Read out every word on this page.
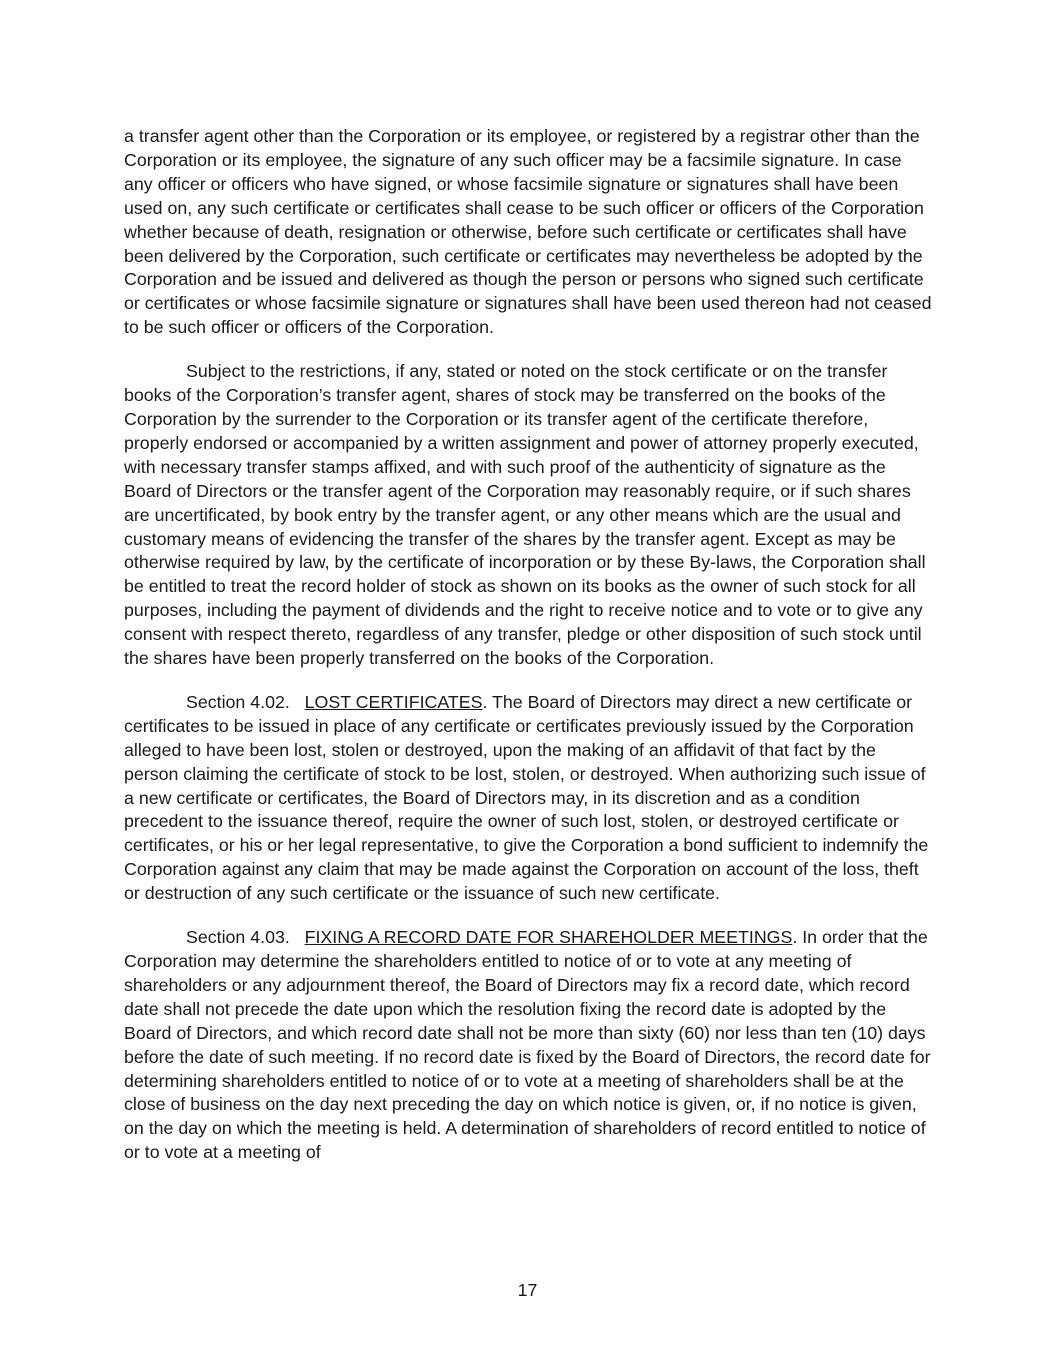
a transfer agent other than the Corporation or its employee, or registered by a registrar other than the Corporation or its employee, the signature of any such officer may be a facsimile signature. In case any officer or officers who have signed, or whose facsimile signature or signatures shall have been used on, any such certificate or certificates shall cease to be such officer or officers of the Corporation whether because of death, resignation or otherwise, before such certificate or certificates shall have been delivered by the Corporation, such certificate or certificates may nevertheless be adopted by the Corporation and be issued and delivered as though the person or persons who signed such certificate or certificates or whose facsimile signature or signatures shall have been used thereon had not ceased to be such officer or officers of the Corporation.

Subject to the restrictions, if any, stated or noted on the stock certificate or on the transfer books of the Corporation’s transfer agent, shares of stock may be transferred on the books of the Corporation by the surrender to the Corporation or its transfer agent of the certificate therefore, properly endorsed or accompanied by a written assignment and power of attorney properly executed, with necessary transfer stamps affixed, and with such proof of the authenticity of signature as the Board of Directors or the transfer agent of the Corporation may reasonably require, or if such shares are uncertificated, by book entry by the transfer agent, or any other means which are the usual and customary means of evidencing the transfer of the shares by the transfer agent. Except as may be otherwise required by law, by the certificate of incorporation or by these By-laws, the Corporation shall be entitled to treat the record holder of stock as shown on its books as the owner of such stock for all purposes, including the payment of dividends and the right to receive notice and to vote or to give any consent with respect thereto, regardless of any transfer, pledge or other disposition of such stock until the shares have been properly transferred on the books of the Corporation.

Section 4.02. LOST CERTIFICATES. The Board of Directors may direct a new certificate or certificates to be issued in place of any certificate or certificates previously issued by the Corporation alleged to have been lost, stolen or destroyed, upon the making of an affidavit of that fact by the person claiming the certificate of stock to be lost, stolen, or destroyed. When authorizing such issue of a new certificate or certificates, the Board of Directors may, in its discretion and as a condition precedent to the issuance thereof, require the owner of such lost, stolen, or destroyed certificate or certificates, or his or her legal representative, to give the Corporation a bond sufficient to indemnify the Corporation against any claim that may be made against the Corporation on account of the loss, theft or destruction of any such certificate or the issuance of such new certificate.

Section 4.03. FIXING A RECORD DATE FOR SHAREHOLDER MEETINGS. In order that the Corporation may determine the shareholders entitled to notice of or to vote at any meeting of shareholders or any adjournment thereof, the Board of Directors may fix a record date, which record date shall not precede the date upon which the resolution fixing the record date is adopted by the Board of Directors, and which record date shall not be more than sixty (60) nor less than ten (10) days before the date of such meeting. If no record date is fixed by the Board of Directors, the record date for determining shareholders entitled to notice of or to vote at a meeting of shareholders shall be at the close of business on the day next preceding the day on which notice is given, or, if no notice is given, on the day on which the meeting is held. A determination of shareholders of record entitled to notice of or to vote at a meeting of

17
